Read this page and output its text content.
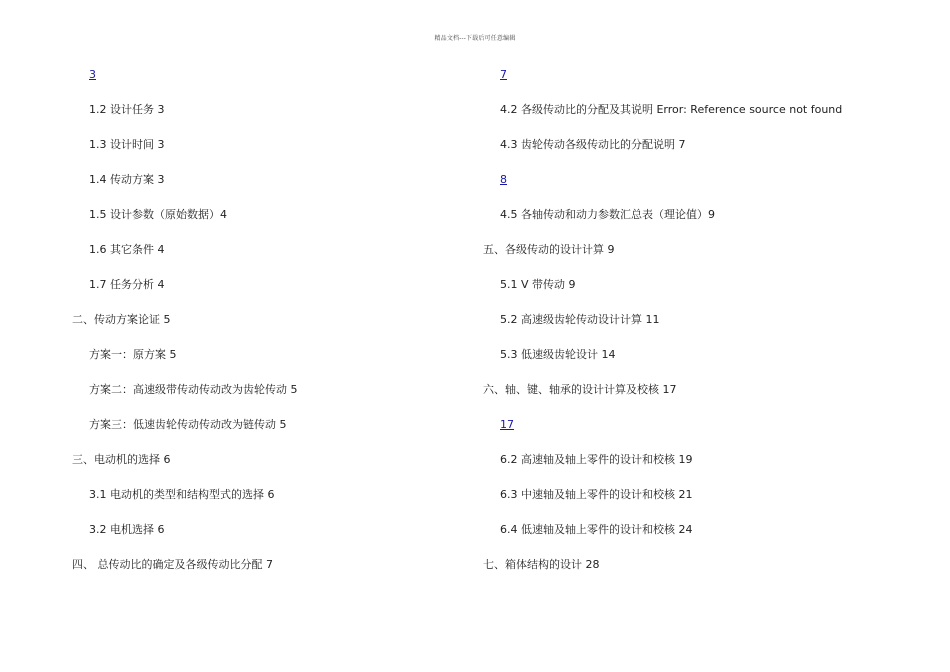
精品文档---下载后可任意编辑
3
1.2 设计任务 3
1.3 设计时间 3
1.4 传动方案 3
1.5 设计参数（原始数据）4
1.6 其它条件 4
1.7 任务分析 4
二、传动方案论证 5
方案一：原方案 5
方案二：高速级带传动传动改为齿轮传动 5
方案三：低速齿轮传动传动改为链传动 5
三、电动机的选择 6
3.1 电动机的类型和结构型式的选择 6
3.2 电机选择 6
四、 总传动比的确定及各级传动比分配 7
7
4.2 各级传动比的分配及其说明 Error: Reference source not found
4.3 齿轮传动各级传动比的分配说明 7
8
4.5 各轴传动和动力参数汇总表（理论值）9
五、各级传动的设计计算 9
5.1 V 带传动 9
5.2 高速级齿轮传动设计计算 11
5.3 低速级齿轮设计 14
六、轴、键、轴承的设计计算及校核 17
17
6.2 高速轴及轴上零件的设计和校核 19
6.3 中速轴及轴上零件的设计和校核 21
6.4 低速轴及轴上零件的设计和校核 24
七、箱体结构的设计 28
